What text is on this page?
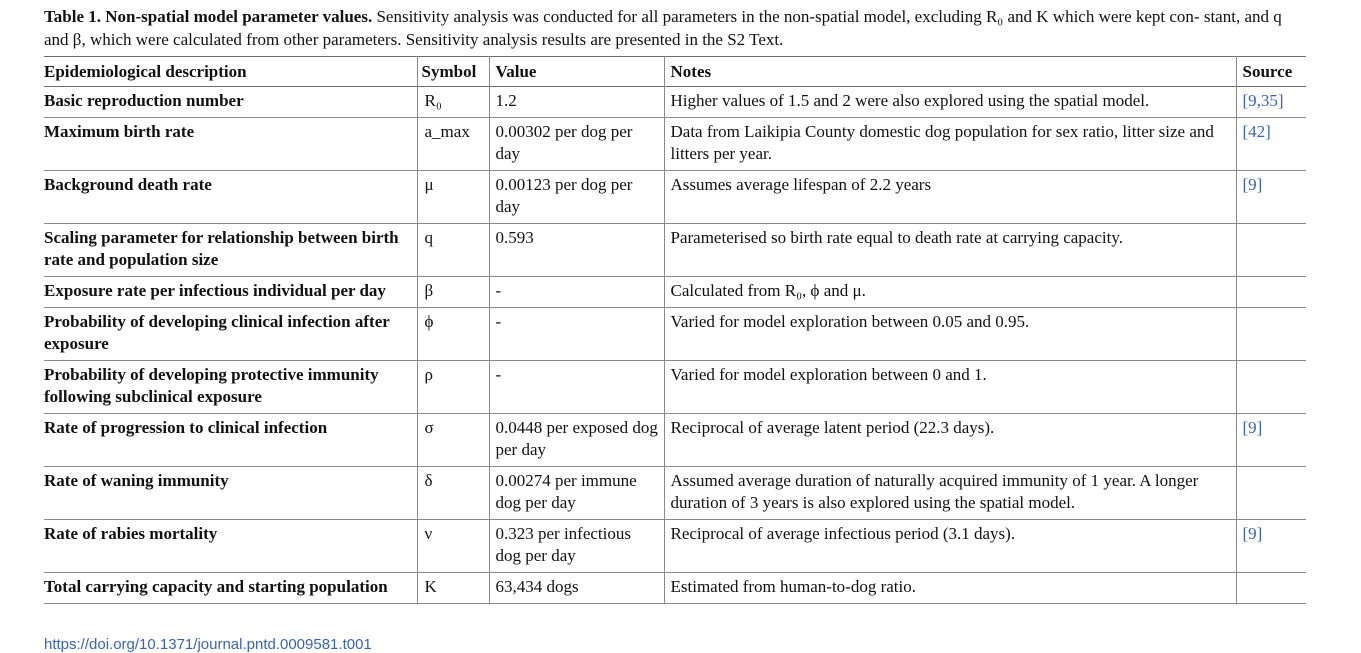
Table 1. Non-spatial model parameter values. Sensitivity analysis was conducted for all parameters in the non-spatial model, excluding R₀ and K which were kept con- stant, and q and β, which were calculated from other parameters. Sensitivity analysis results are presented in the S2 Text.
Epidemiological description	Symbol	Value	Notes	Source
Basic reproduction number	R₀	1.2	Higher values of 1.5 and 2 were also explored using the spatial model.	[9,35]
Maximum birth rate	a_max	0.00302 per dog per day	Data from Laikipia County domestic dog population for sex ratio, litter size and litters per year.	[42]
Background death rate	μ	0.00123 per dog per day	Assumes average lifespan of 2.2 years	[9]
Scaling parameter for relationship between birth rate and population size	q	0.593	Parameterised so birth rate equal to death rate at carrying capacity.	
Exposure rate per infectious individual per day	β	-	Calculated from R₀, ϕ and μ.	
Probability of developing clinical infection after exposure	ϕ	-	Varied for model exploration between 0.05 and 0.95.	
Probability of developing protective immunity following subclinical exposure	ρ	-	Varied for model exploration between 0 and 1.	
Rate of progression to clinical infection	σ	0.0448 per exposed dog per day	Reciprocal of average latent period (22.3 days).	[9]
Rate of waning immunity	δ	0.00274 per immune dog per day	Assumed average duration of naturally acquired immunity of 1 year. A longer duration of 3 years is also explored using the spatial model.	
Rate of rabies mortality	ν	0.323 per infectious dog per day	Reciprocal of average infectious period (3.1 days).	[9]
Total carrying capacity and starting population	K	63,434 dogs	Estimated from human-to-dog ratio.	
https://doi.org/10.1371/journal.pntd.0009581.t001
